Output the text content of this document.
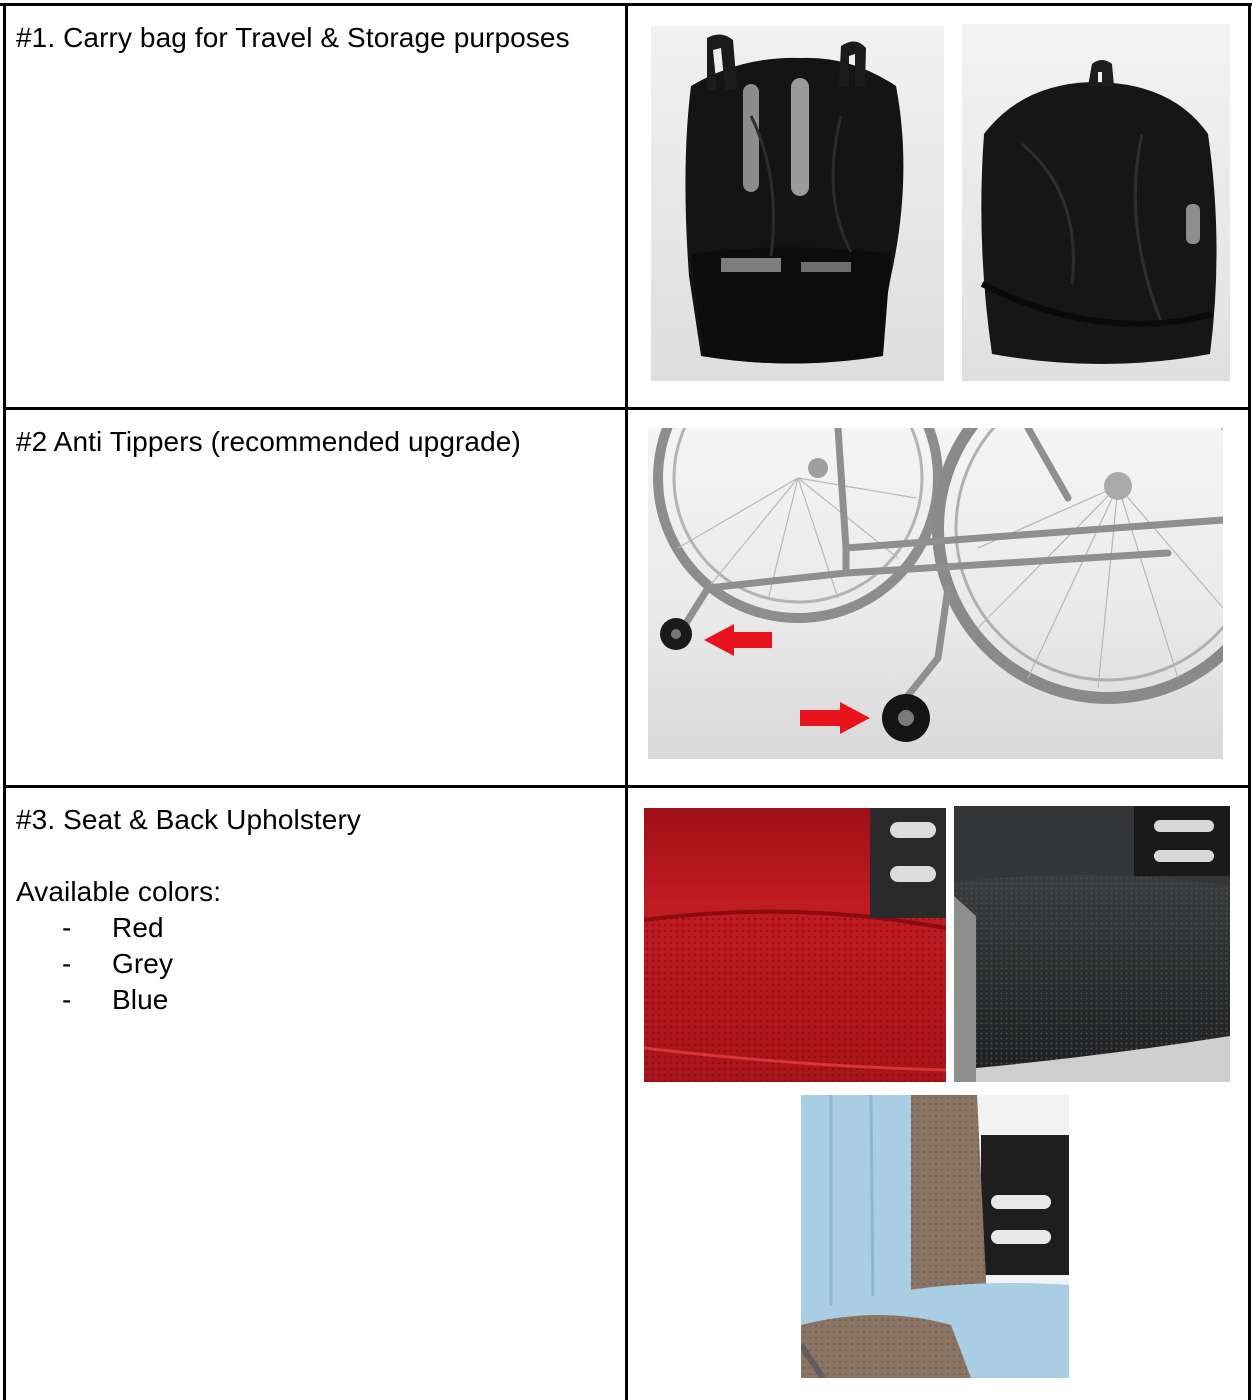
#1. Carry bag for Travel & Storage purposes
#2 Anti Tippers (recommended upgrade)
#3. Seat & Back Upholstery
Available colors:
- Red
- Grey
- Blue
